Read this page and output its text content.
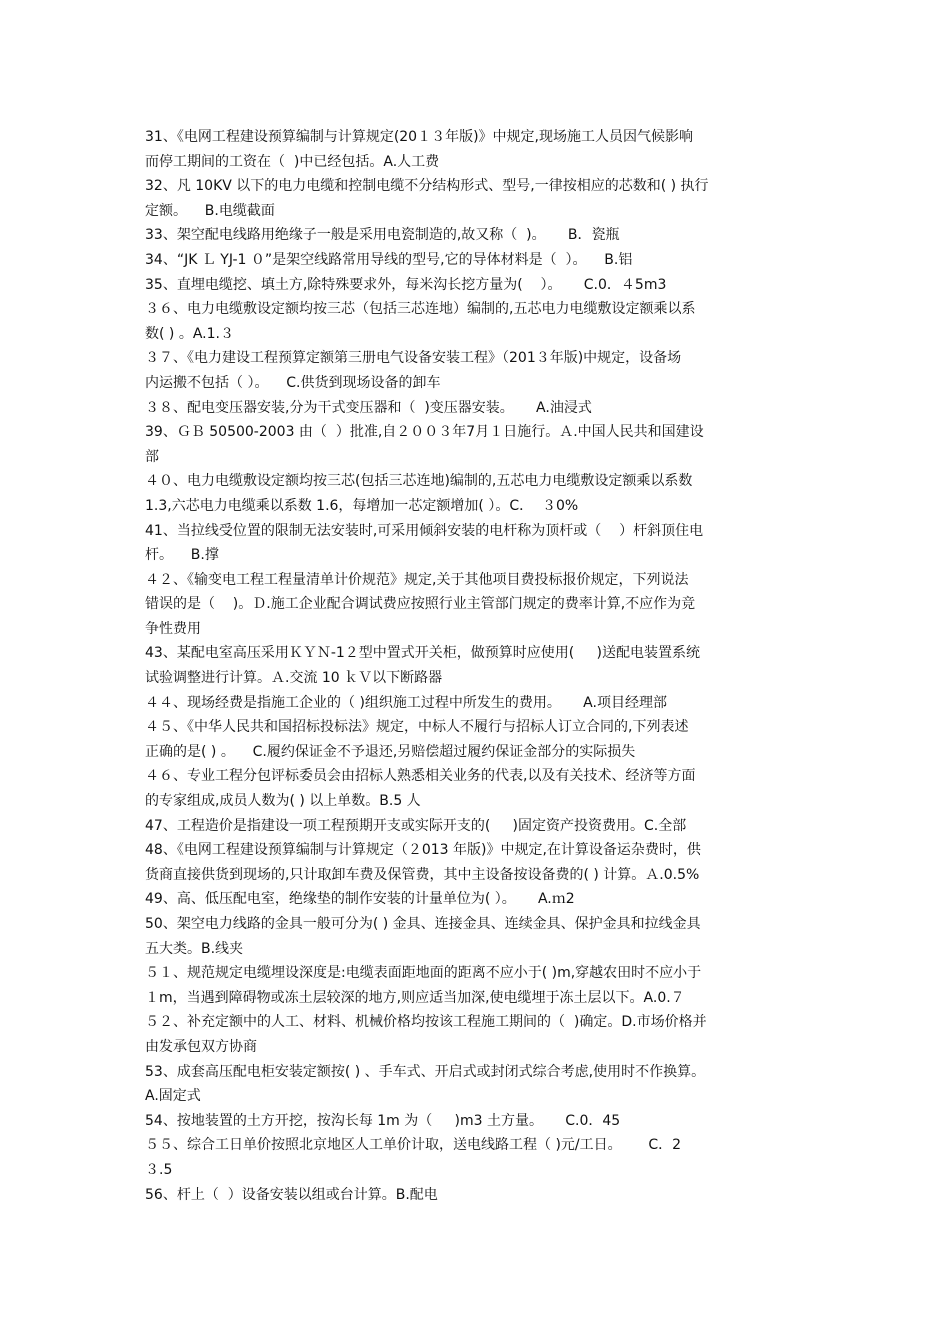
31、《电网工程建设预算编制与计算规定(20１３年版)》中规定,现场施工人员因气候影响
而停工期间的工资在（  )中已经包括。A.人工费
32、凡 10KV 以下的电力电缆和控制电缆不分结构形式、型号,一律按相应的芯数和( ) 执行
定额。    B.电缆截面
33、架空配电线路用绝缘子一般是采用电瓷制造的,故又称（  )。     B．瓷瓶
34、“JK Ｌ YJ-1 ０”是架空线路常用导线的型号,它的导体材料是（  ）。    B.铝
35、直埋电缆挖、填土方,除特殊要求外，每米沟长挖方量为(    ）。     C.0．４5m3
３６、电力电缆敷设定额均按三芯（包括三芯连地）编制的,五芯电力电缆敷设定额乘以系
数( ) 。A.1.３
３７、《电力建设工程预算定额第三册电气设备安装工程》（201３年版)中规定，设备场
内运搬不包括（ ）。    C.供货到现场设备的卸车
３８、配电变压器安装,分为干式变压器和（  )变压器安装。     A.油浸式
39、ＧＢ 50500-2003 由（  ）批准,自２００３年7月１日施行。Ａ.中国人民共和国建设
部
４０、电力电缆敷设定额均按三芯(包括三芯连地)编制的,五芯电力电缆敷设定额乘以系数
1.3,六芯电力电缆乘以系数 1.6，每增加一芯定额增加( ）。C．  ３0%
41、当拉线受位置的限制无法安装时,可采用倾斜安装的电杆称为顶杆或（    ）杆斜顶住电
杆。    B.撑
４２、《输变电工程工程量清单计价规范》规定,关于其他项目费投标报价规定，下列说法
错误的是（    )。Ｄ.施工企业配合调试费应按照行业主管部门规定的费率计算,不应作为竞
争性费用
43、某配电室高压采用ＫＹＮ-1２型中置式开关柜，做预算时应使用(     )送配电装置系统
试验调整进行计算。Ａ.交流 10 ｋＶ以下断路器
４４、现场经费是指施工企业的（ )组织施工过程中所发生的费用。     A.项目经理部
４５、《中华人民共和国招标投标法》规定，中标人不履行与招标人订立合同的,下列表述
正确的是( ) 。    C.履约保证金不予退还,另赔偿超过履约保证金部分的实际损失
４６、专业工程分包评标委员会由招标人熟悉相关业务的代表,以及有关技术、经济等方面
的专家组成,成员人数为( ) 以上单数。B.5 人
47、工程造价是指建设一项工程预期开支或实际开支的(     )固定资产投资费用。C.全部
48、《电网工程建设预算编制与计算规定（２013 年版)》中规定,在计算设备运杂费时，供
货商直接供货到现场的,只计取卸车费及保管费，其中主设备按设备费的( ) 计算。Ａ.0.5%
49、高、低压配电室，绝缘垫的制作安装的计量单位为( ）。     A.ｍ2
50、架空电力线路的金具一般可分为( ) 金具、连接金具、连续金具、保护金具和拉线金具
五大类。B.线夹
５１、规范规定电缆埋设深度是:电缆表面距地面的距离不应小于( )m,穿越农田时不应小于
１m，当遇到障碍物或冻土层较深的地方,则应适当加深,使电缆埋于冻土层以下。A.0.７
５２、补充定额中的人工、材料、机械价格均按该工程施工期间的（  )确定。D.市场价格并
由发承包双方协商
53、成套高压配电柜安装定额按( ) 、手车式、开启式或封闭式综合考虑,使用时不作换算。
A.固定式
54、按地装置的土方开挖，按沟长每 1m 为（     )m3 土方量。     C.0．45
５５、综合工日单价按照北京地区人工单价计取，送电线路工程（ )元/工日。      C．2
３.5
56、杆上（  ）设备安装以组或台计算。B.配电
